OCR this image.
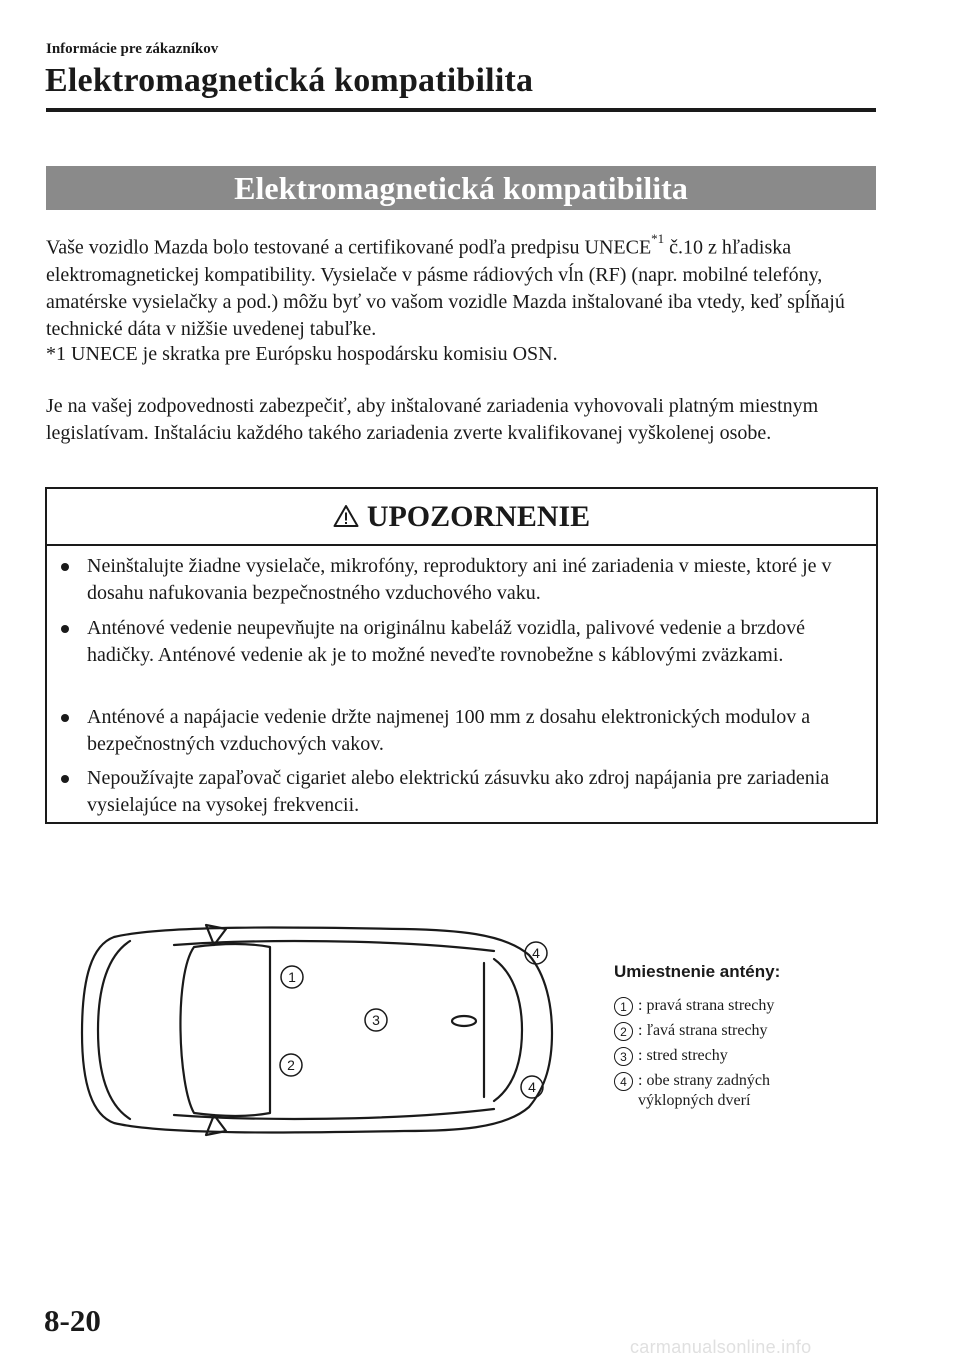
Informácie pre zákazníkov
Elektromagnetická kompatibilita
Elektromagnetická kompatibilita
Vaše vozidlo Mazda bolo testované a certifikované podľa predpisu UNECE$^{*1}$ č.10 z hľadiska elektromagnetickej kompatibility. Vysielače v pásme rádiových vĺn (RF) (napr. mobilné telefóny, amatérske vysielačky a pod.) môžu byť vo vašom vozidle Mazda inštalované iba vtedy, keď spĺňajú technické dáta v nižšie uvedenej tabuľke.
*1 UNECE je skratka pre Európsku hospodársku komisiu OSN.
Je na vašej zodpovednosti zabezpečiť, aby inštalované zariadenia vyhovovali platným miestnym legislatívam. Inštaláciu každého takého zariadenia zverte kvalifikovanej vyškolenej osobe.
UPOZORNENIE
Neinštalujte žiadne vysielače, mikrofóny, reproduktory ani iné zariadenia v mieste, ktoré je v dosahu nafukovania bezpečnostného vzduchového vaku.
Anténové vedenie neupevňujte na originálnu kabeláž vozidla, palivové vedenie a brzdové hadičky. Anténové vedenie ak je to možné neveďte rovnobežne s káblovými zväzkami.
Anténové a napájacie vedenie držte najmenej 100 mm z dosahu elektronických modulov a bezpečnostných vzduchových vakov.
Nepoužívajte zapaľovač cigariet alebo elektrickú zásuvku ako zdroj napájania pre zariadenia vysielajúce na vysokej frekvencii.
1
2
3
4
4
Umiestnenie antény:
1 : pravá strana strechy
2 : ľavá strana strechy
3 : stred strechy
4 : obe strany zadných
výklopných dverí
8-20
carmanualsonline.info
